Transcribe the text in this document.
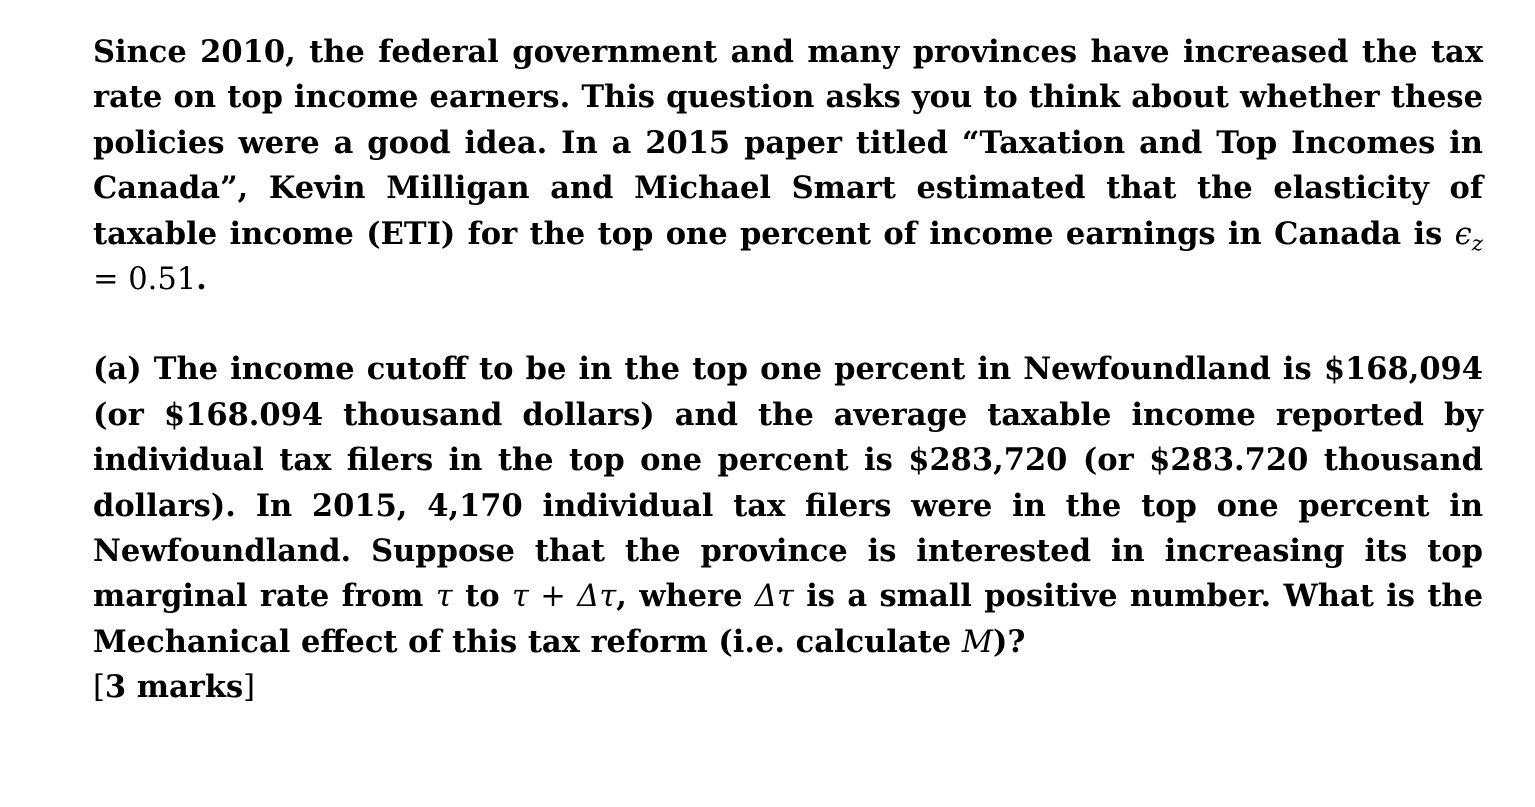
Since 2010, the federal government and many provinces have increased the tax rate on top income earners. This question asks you to think about whether these policies were a good idea. In a 2015 paper titled “Taxation and Top Incomes in Canada”, Kevin Milligan and Michael Smart estimated that the elasticity of taxable income (ETI) for the top one percent of income earnings in Canada is $\epsilon_z = 0.51$.

(a) The income cutoff to be in the top one percent in Newfoundland is $168,094 (or $168.094 thousand dollars) and the average taxable income reported by individual tax filers in the top one percent is $283,720 (or $283.720 thousand dollars). In 2015, 4,170 individual tax filers were in the top one percent in Newfoundland. Suppose that the province is interested in increasing its top marginal rate from τ to τ + Δτ, where Δτ is a small positive number. What is the Mechanical effect of this tax reform (i.e. calculate M)?
[3 marks]
